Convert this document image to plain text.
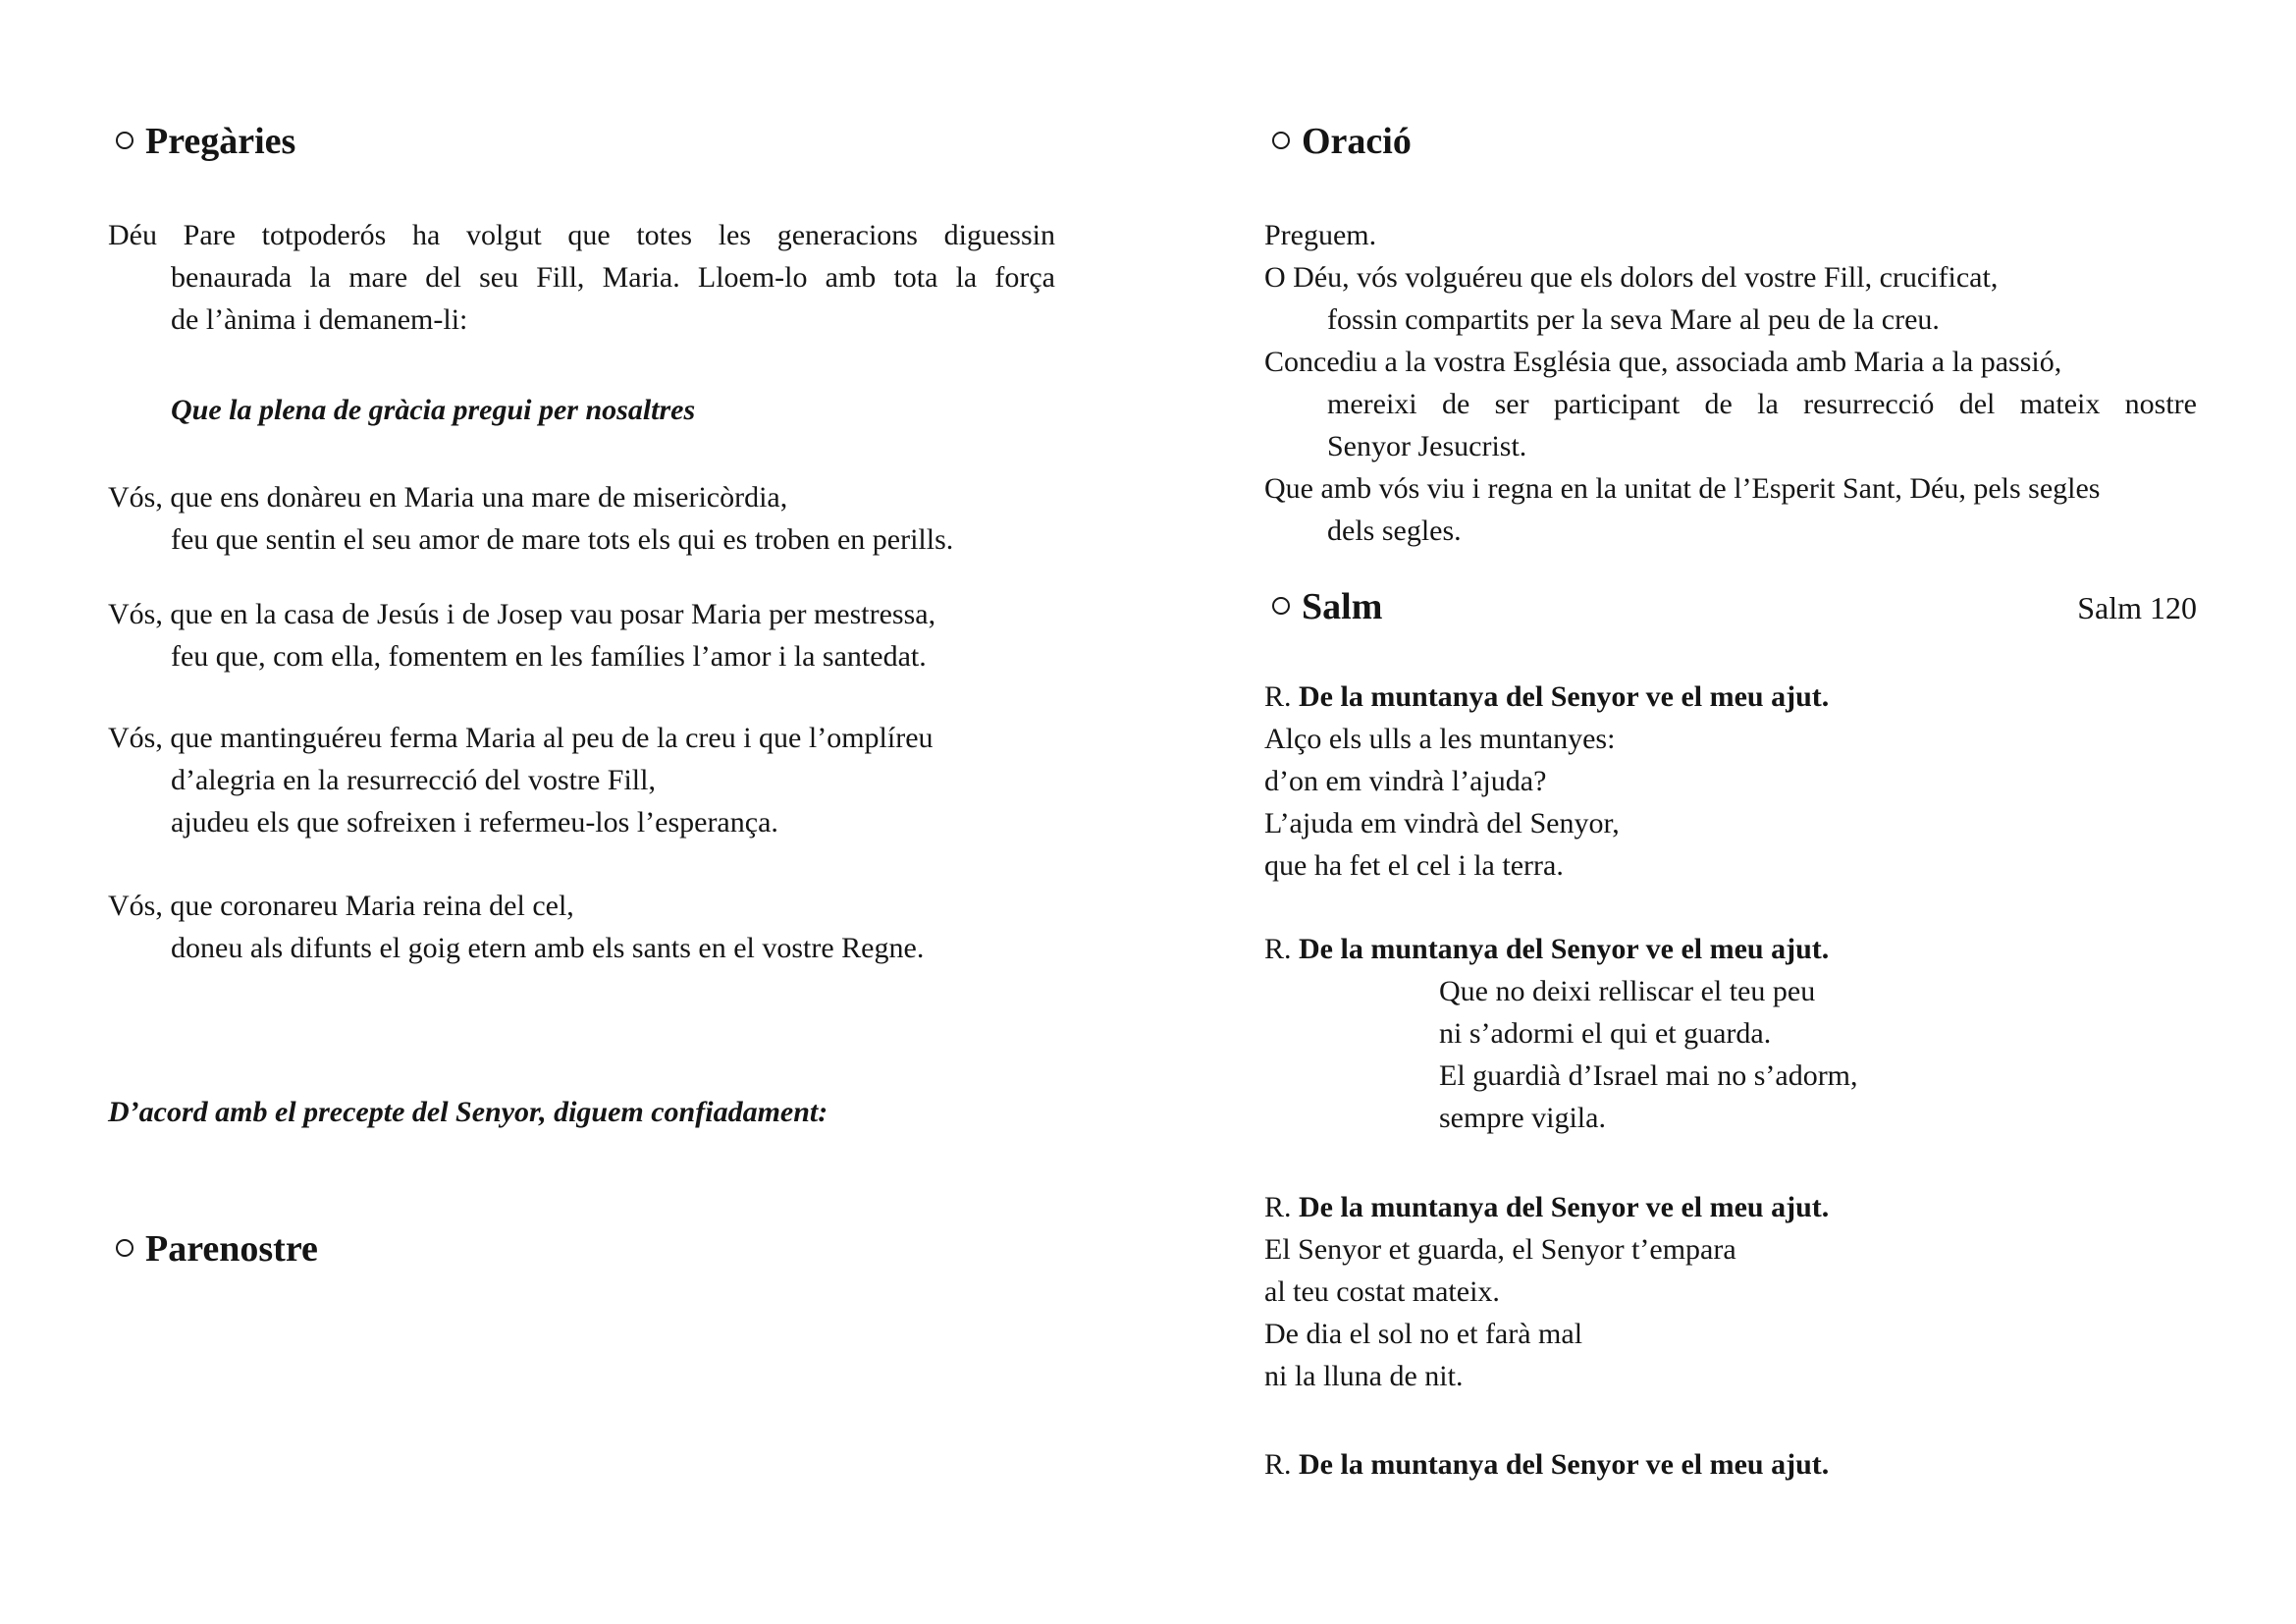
Pregàries
Déu Pare totpoderós ha volgut que totes les generacions diguessin
benaurada la mare del seu Fill, Maria. Lloem-lo amb tota la força
de l’ànima i demanem-li:
Que la plena de gràcia pregui per nosaltres
Vós, que ens donàreu en Maria una mare de misericòrdia,
feu que sentin el seu amor de mare tots els qui es troben en perills.
Vós, que en la casa de Jesús i de Josep vau posar Maria per mestressa,
feu que, com ella, fomentem en les famílies l’amor i la santedat.
Vós, que mantinguéreu ferma Maria al peu de la creu i que l’omplíreu
d’alegria en la resurrecció del vostre Fill,
ajudeu els que sofreixen i refermeu-los l’esperança.
Vós, que coronareu Maria reina del cel,
doneu als difunts el goig etern amb els sants en el vostre Regne.
D’acord amb el precepte del Senyor, diguem confiadament:
Parenostre
Oració
Preguem.
O Déu, vós volguéreu que els dolors del vostre Fill, crucificat,
fossin compartits per la seva Mare al peu de la creu.
Concediu a la vostra Església que, associada amb Maria a la passió,
mereixi de ser participant de la resurrecció del mateix nostre
Senyor Jesucrist.
Que amb vós viu i regna en la unitat de l’Esperit Sant, Déu, pels segles
dels segles.
Salm	Salm 120
R. De la muntanya del Senyor ve el meu ajut.
Alço els ulls a les muntanyes:
d’on em vindrà l’ajuda?
L’ajuda em vindrà del Senyor,
que ha fet el cel i la terra.
R. De la muntanya del Senyor ve el meu ajut.
Que no deixi relliscar el teu peu
ni s’adormi el qui et guarda.
El guardià d’Israel mai no s’adorm,
sempre vigila.
R. De la muntanya del Senyor ve el meu ajut.
El Senyor et guarda, el Senyor t’empara
al teu costat mateix.
De dia el sol no et farà mal
ni la lluna de nit.
R. De la muntanya del Senyor ve el meu ajut.
